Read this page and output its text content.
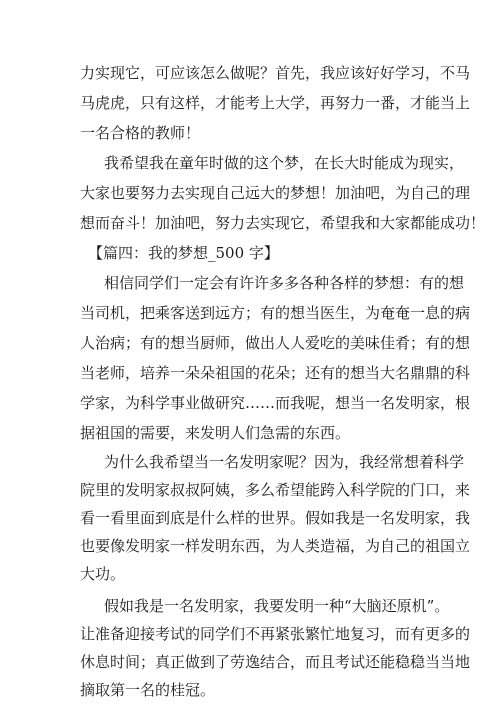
力实现它，可应该怎么做呢？首先，我应该好好学习，不马
马虎虎，只有这样，才能考上大学，再努力一番，才能当上
一名合格的教师！
我希望我在童年时做的这个梦，在长大时能成为现实，
大家也要努力去实现自己远大的梦想！加油吧，为自己的理
想而奋斗！加油吧，努力去实现它，希望我和大家都能成功！
【篇四：我的梦想_500 字】
相信同学们一定会有许许多多各种各样的梦想：有的想
当司机，把乘客送到远方；有的想当医生，为奄奄一息的病
人治病；有的想当厨师，做出人人爱吃的美味佳肴；有的想
当老师，培养一朵朵祖国的花朵；还有的想当大名鼎鼎的科
学家，为科学事业做研究……而我呢，想当一名发明家，根
据祖国的需要，来发明人们急需的东西。
为什么我希望当一名发明家呢？因为，我经常想着科学
院里的发明家叔叔阿姨，多么希望能跨入科学院的门口，来
看一看里面到底是什么样的世界。假如我是一名发明家，我
也要像发明家一样发明东西，为人类造福，为自己的祖国立
大功。
假如我是一名发明家，我要发明一种“大脑还原机”。
让准备迎接考试的同学们不再紧张繁忙地复习，而有更多的
休息时间；真正做到了劳逸结合，而且考试还能稳稳当当地
摘取第一名的桂冠。
